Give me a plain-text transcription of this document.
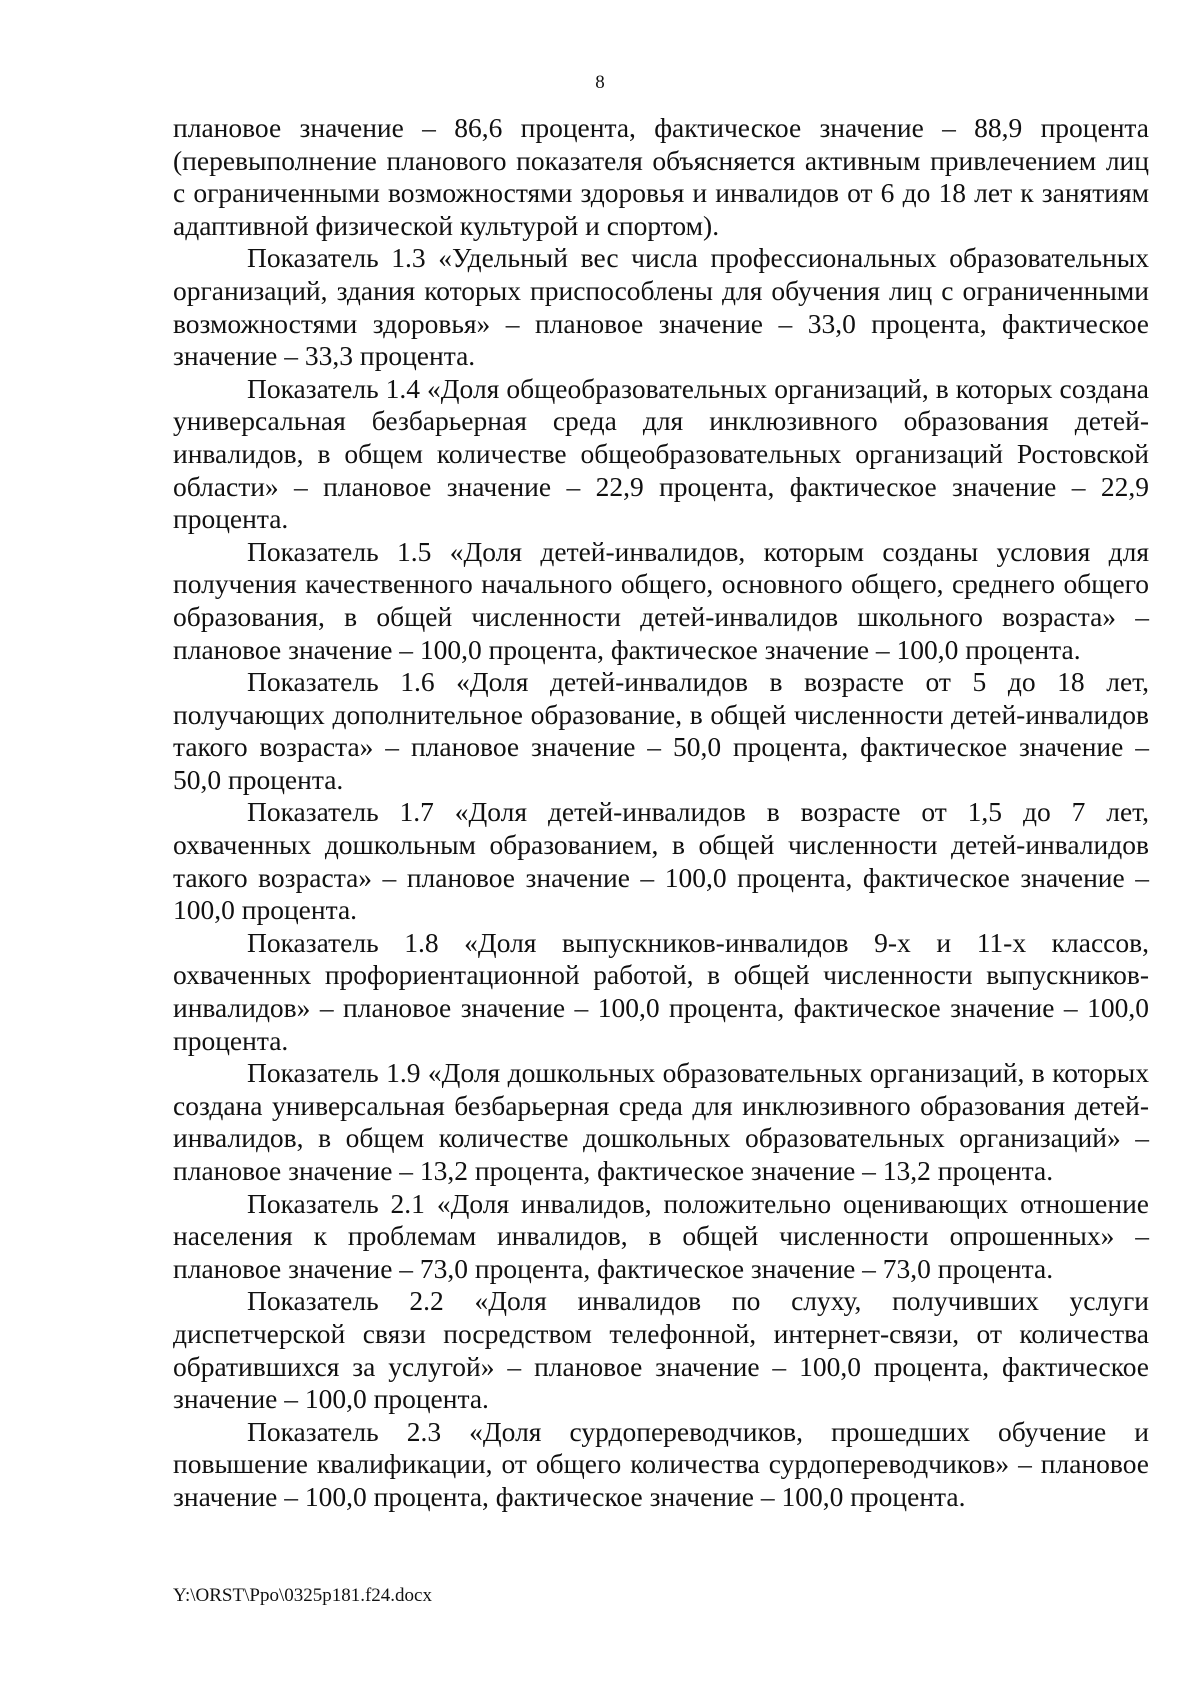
8

плановое значение – 86,6 процента, фактическое значение – 88,9 процента (перевыполнение планового показателя объясняется активным привлечением лиц с ограниченными возможностями здоровья и инвалидов от 6 до 18 лет к занятиям адаптивной физической культурой и спортом).

Показатель 1.3 «Удельный вес числа профессиональных образовательных организаций, здания которых приспособлены для обучения лиц с ограниченными возможностями здоровья» – плановое значение – 33,0 процента, фактическое значение – 33,3 процента.

Показатель 1.4 «Доля общеобразовательных организаций, в которых создана универсальная безбарьерная среда для инклюзивного образования детей-инвалидов, в общем количестве общеобразовательных организаций Ростовской области» – плановое значение – 22,9 процента, фактическое значение – 22,9 процента.

Показатель 1.5 «Доля детей-инвалидов, которым созданы условия для получения качественного начального общего, основного общего, среднего общего образования, в общей численности детей-инвалидов школьного возраста» – плановое значение – 100,0 процента, фактическое значение – 100,0 процента.

Показатель 1.6 «Доля детей-инвалидов в возрасте от 5 до 18 лет, получающих дополнительное образование, в общей численности детей-инвалидов такого возраста» – плановое значение – 50,0 процента, фактическое значение – 50,0 процента.

Показатель 1.7 «Доля детей-инвалидов в возрасте от 1,5 до 7 лет, охваченных дошкольным образованием, в общей численности детей-инвалидов такого возраста» – плановое значение – 100,0 процента, фактическое значение – 100,0 процента.

Показатель 1.8 «Доля выпускников-инвалидов 9-х и 11-х классов, охваченных профориентационной работой, в общей численности выпускников-инвалидов» – плановое значение – 100,0 процента, фактическое значение – 100,0 процента.

Показатель 1.9 «Доля дошкольных образовательных организаций, в которых создана универсальная безбарьерная среда для инклюзивного образования детей-инвалидов, в общем количестве дошкольных образовательных организаций» – плановое значение – 13,2 процента, фактическое значение – 13,2 процента.

Показатель 2.1 «Доля инвалидов, положительно оценивающих отношение населения к проблемам инвалидов, в общей численности опрошенных» – плановое значение – 73,0 процента, фактическое значение – 73,0 процента.

Показатель 2.2 «Доля инвалидов по слуху, получивших услуги диспетчерской связи посредством телефонной, интернет-связи, от количества обратившихся за услугой» – плановое значение – 100,0 процента, фактическое значение – 100,0 процента.

Показатель 2.3 «Доля сурдопереводчиков, прошедших обучение и повышение квалификации, от общего количества сурдопереводчиков» – плановое значение – 100,0 процента, фактическое значение – 100,0 процента.

Y:\ORST\Ppo\0325p181.f24.docx
